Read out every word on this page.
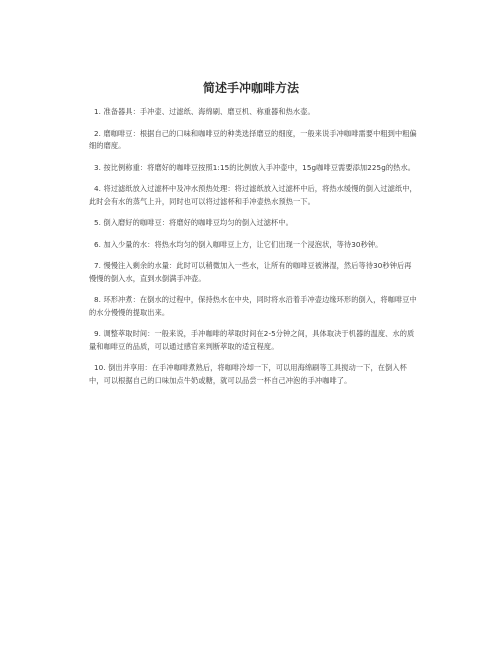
简述手冲咖啡方法

1. 准备器具：手冲壶、过滤纸、海绵刷、磨豆机、称重器和热水壶。

2. 磨咖啡豆：根据自己的口味和咖啡豆的种类选择磨豆的细度，一般来说手冲咖啡需要中粗到中粗偏细的磨度。

3. 按比例称重：将磨好的咖啡豆按照1:15的比例放入手冲壶中，15g咖啡豆需要添加225g的热水。

4. 将过滤纸放入过滤杯中及冲水预热处理：将过滤纸放入过滤杯中后，将热水缓慢的倒入过滤纸中，此时会有水的蒸气上升，同时也可以将过滤杯和手冲壶热水预热一下。

5. 倒入磨好的咖啡豆：将磨好的咖啡豆均匀的倒入过滤杯中。

6. 加入少量的水：将热水均匀的倒入咖啡豆上方，让它们出现一个浸泡状，等待30秒钟。

7. 慢慢注入剩余的水量：此时可以稍微加入一些水，让所有的咖啡豆被淋湿，然后等待30秒钟后再慢慢的倒入水，直到水倒满手冲壶。

8. 环形冲煮：在倒水的过程中，保持热水在中央，同时将水沿着手冲壶边缘环形的倒入，将咖啡豆中的水分慢慢的提取出来。

9. 调整萃取时间：一般来说，手冲咖啡的萃取时间在2-5分钟之间，具体取决于机器的温度、水的质量和咖啡豆的品质，可以通过感官来判断萃取的适宜程度。

10. 倒出并享用：在手冲咖啡煮熟后，将咖啡冷却一下，可以用海绵刷等工具搅动一下，在倒入杯中，可以根据自己的口味加点牛奶或糖，就可以品尝一杯自己冲泡的手冲咖啡了。
